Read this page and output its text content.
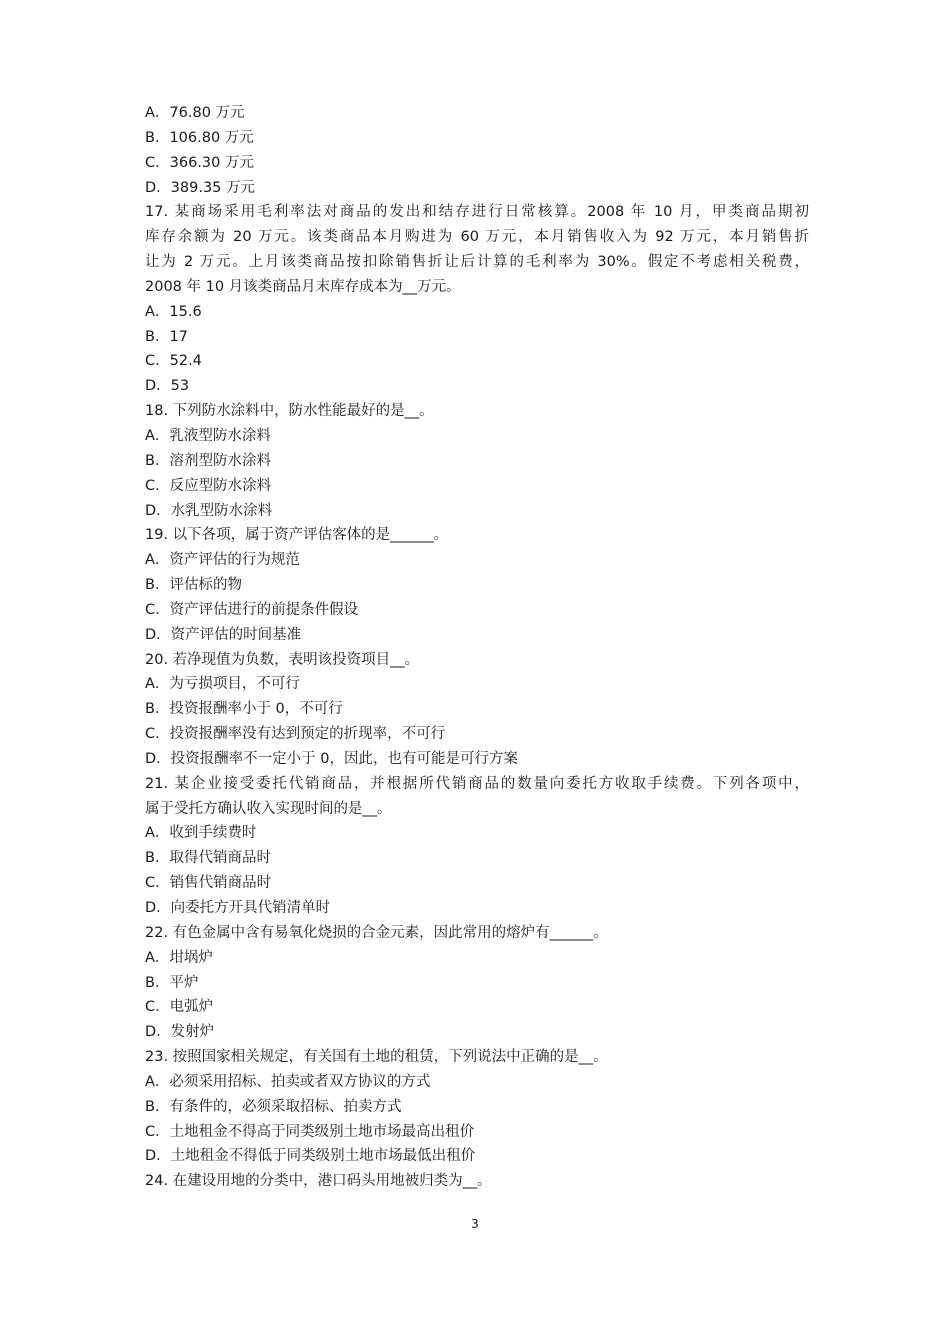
A．76.80 万元
B．106.80 万元
C．366.30 万元
D．389.35 万元
17. 某商场采用毛利率法对商品的发出和结存进行日常核算。2008 年 10 月，甲类商品期初
库存余额为 20 万元。该类商品本月购进为 60 万元，本月销售收入为 92 万元，本月销售折
让为 2 万元。上月该类商品按扣除销售折让后计算的毛利率为 30%。假定不考虑相关税费，
2008 年 10 月该类商品月末库存成本为__万元。
A．15.6
B．17
C．52.4
D．53
18. 下列防水涂料中，防水性能最好的是__。
A．乳液型防水涂料
B．溶剂型防水涂料
C．反应型防水涂料
D．水乳型防水涂料
19. 以下各项，属于资产评估客体的是______。
A．资产评估的行为规范
B．评估标的物
C．资产评估进行的前提条件假设
D．资产评估的时间基准
20. 若净现值为负数，表明该投资项目__。
A．为亏损项目，不可行
B．投资报酬率小于 0，不可行
C．投资报酬率没有达到预定的折现率，不可行
D．投资报酬率不一定小于 0，因此，也有可能是可行方案
21. 某企业接受委托代销商品，并根据所代销商品的数量向委托方收取手续费。下列各项中，
属于受托方确认收入实现时间的是__。
A．收到手续费时
B．取得代销商品时
C．销售代销商品时
D．向委托方开具代销清单时
22. 有色金属中含有易氧化烧损的合金元素，因此常用的熔炉有______。
A．坩埚炉
B．平炉
C．电弧炉
D．发射炉
23. 按照国家相关规定，有关国有土地的租赁，下列说法中正确的是__。
A．必须采用招标、拍卖或者双方协议的方式
B．有条件的，必须采取招标、拍卖方式
C．土地租金不得高于同类级别土地市场最高出租价
D．土地租金不得低于同类级别土地市场最低出租价
24. 在建设用地的分类中，港口码头用地被归类为__。
3
